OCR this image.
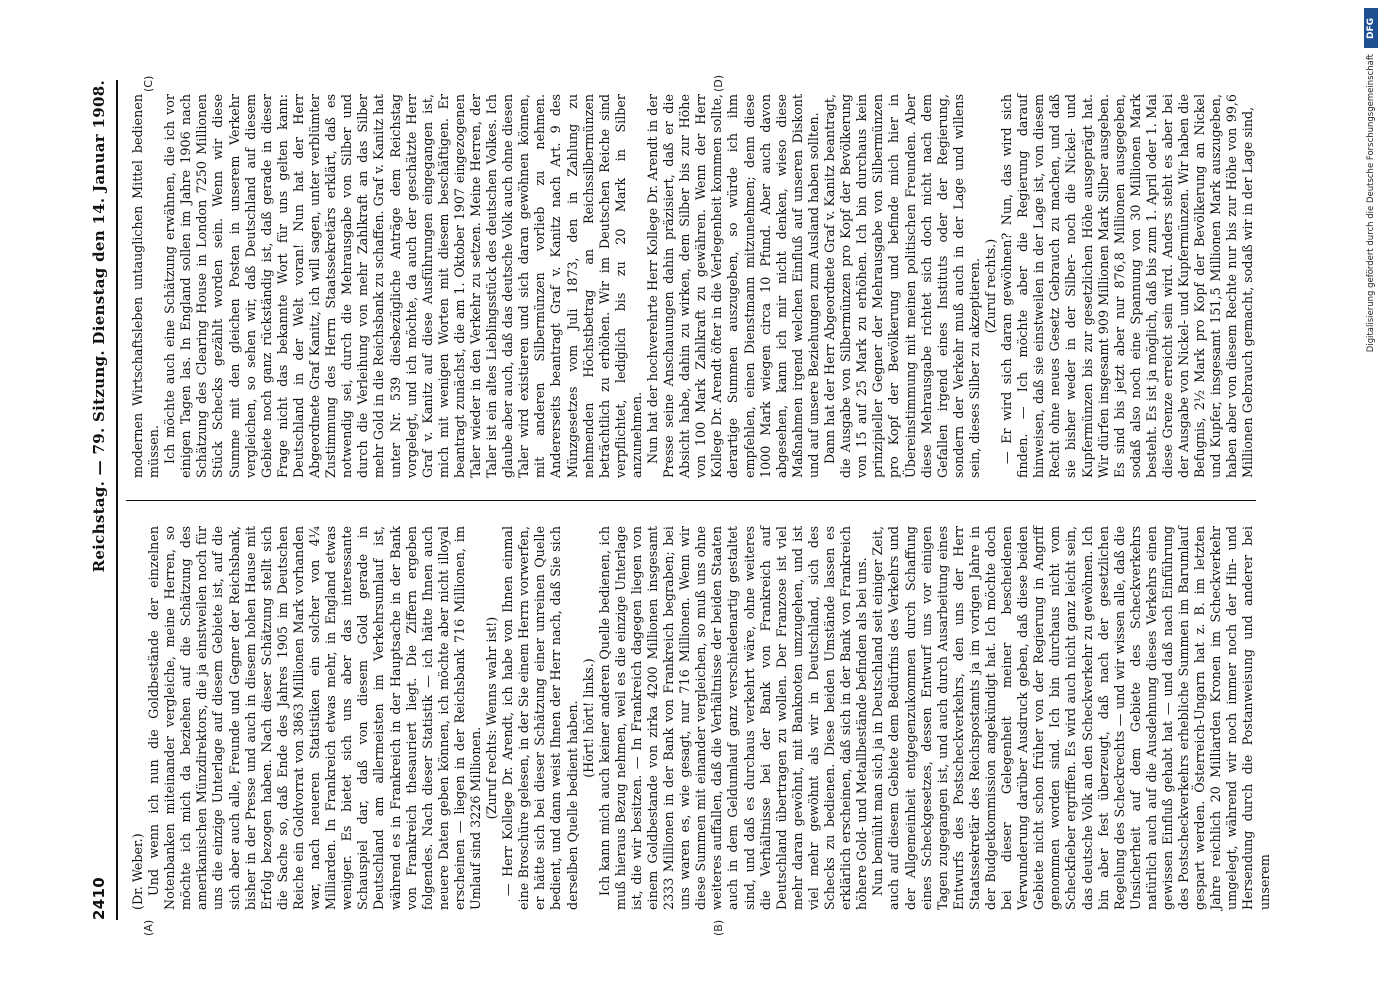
2410
Reichstag. — 79. Sitzung. Dienstag den 14. Januar 1908.
(A)	(B)
(C)	(D)

(Dr. Weber.) Und wenn ich nun die Goldbestände der einzelnen Notenbanken miteinander vergleiche, meine Herren, so möchte ich mich da beziehen auf die Schätzung des amerikanischen Münzdirektors, die ja einstweilen noch für uns die einzige Unterlage auf diesem Gebiete ist, auf die sich aber auch alle, Freunde und Gegner der Reichsbank, bisher in der Presse und auch in diesem hohen Hause mit Erfolg bezogen haben. Nach dieser Schätzung stellt sich die Sache so, daß Ende des Jahres 1905 im Deutschen Reiche ein Goldvorrat von 3863 Millionen Mark vorhanden war, nach neueren Statistiken ein solcher von 4¼ Milliarden. In Frankreich etwas mehr, in England etwas weniger. Es bietet sich uns aber das interessante Schauspiel dar, daß von diesem Gold gerade in Deutschland am allermeisten im Verkehrsumlauf ist, während es in Frankreich in der Hauptsache in der Bank von Frankreich thesauriert liegt. Die Ziffern ergeben folgendes. Nach dieser Statistik — ich hätte Ihnen auch neuere Daten geben können, ich möchte aber nicht illoyal erscheinen — liegen in der Reichsbank 716 Millionen, im Umlauf sind 3226 Millionen. (Zuruf rechts: Wenns wahr ist!) — Herr Kollege Dr. Arendt, ich habe von Ihnen einmal eine Broschüre gelesen, in der Sie einem Herrn vorwerfen, er hätte sich bei dieser Schätzung einer unreinen Quelle bedient, und dann weist Ihnen der Herr nach, daß Sie sich derselben Quelle bedient haben. (Hört! hört! links.) Ich kann mich auch keiner anderen Quelle bedienen, ich muß hieraus Bezug nehmen, weil es die einzige Unterlage ist, die wir besitzen. — In Frankreich dagegen liegen von einem Goldbestande von zirka 4200 Millionen insgesamt 2333 Millionen in der Bank von Frankreich begraben; bei uns waren es, wie gesagt, nur 716 Millionen. Wenn wir diese Summen mit einander vergleichen, so muß uns ohne weiteres auffallen, daß die Verhältnisse der beiden Staaten auch in dem Geldumlauf ganz verschiedenartig gestaltet sind, und daß es durchaus verkehrt wäre, ohne weiteres die Verhältnisse bei der Bank von Frankreich auf Deutschland übertragen zu wollen. Der Franzose ist viel mehr daran gewöhnt, mit Banknoten umzugehen, und ist viel mehr gewöhnt als wir in Deutschland, sich des Schecks zu bedienen. Diese beiden Umstände lassen es erklärlich erscheinen, daß sich in der Bank von Frankreich höhere Gold- und Metallbestände befinden als bei uns. Nun bemüht man sich ja in Deutschland seit einiger Zeit, auch auf diesem Gebiete dem Bedürfnis des Verkehrs und der Allgemeinheit entgegenzukommen durch Schaffung eines Scheckgesetzes, dessen Entwurf uns vor einigen Tagen zugegangen ist, und auch durch Ausarbeitung eines Entwurfs des Postscheckverkehrs, den uns der Herr Staatssekretär des Reichspostamts ja im vorigen Jahre in der Budgetkommission angekündigt hat. Ich möchte doch bei dieser Gelegenheit meiner bescheidenen Verwunderung darüber Ausdruck geben, daß diese beiden Gebiete nicht schon früher von der Regierung in Angriff genommen worden sind. Ich bin durchaus nicht vom Scheckfieber ergriffen. Es wird auch nicht ganz leicht sein, das deutsche Volk an den Scheckverkehr zu gewöhnen. Ich bin aber fest überzeugt, daß nach der gesetzlichen Regelung des Scheckrechts — und wir wissen alle, daß die Unsicherheit auf dem Gebiete des Scheckverkehrs natürlich auch auf die Ausdehnung dieses Verkehrs einen gewissen Einfluß gehabt hat — und daß nach Einführung des Postscheckverkehrs erhebliche Summen im Barumlauf gespart werden. Österreich-Ungarn hat z. B. im letzten Jahre reichlich 20 Milliarden Kronen im Scheckverkehr umgelegt, während wir noch immer noch der Hin- und Hersendung durch die Postanweisung und anderer bei unserem

modernen Wirtschaftsleben untauglichen Mittel bedienen müssen. Ich möchte auch eine Schätzung erwähnen, die ich vor einigen Tagen las. In England sollen im Jahre 1906 nach Schätzung des Clearing House in London 7250 Millionen Stück Schecks gezählt worden sein. Wenn wir diese Summe mit den gleichen Posten in unserem Verkehr vergleichen, so sehen wir, daß Deutschland auf diesem Gebiete noch ganz rückständig ist, daß gerade in dieser Frage nicht das bekannte Wort für uns gelten kann: Deutschland in der Welt voran! Nun hat der Herr Abgeordnete Graf Kanitz, ich will sagen, unter verblümter Zustimmung des Herrn Staatssekretärs erklärt, daß es notwendig sei, durch die Mehrausgabe von Silber und durch die Verleihung von mehr Zahlkraft an das Silber mehr Gold in die Reichsbank zu schaffen. Graf v. Kanitz hat unter Nr. 539 diesbezügliche Anträge dem Reichstag vorgelegt, und ich möchte, da auch der geschätzte Herr Graf v. Kanitz auf diese Ausführungen eingegangen ist, mich mit wenigen Worten mit diesem beschäftigen. Er beantragt zunächst, die am 1. Oktober 1907 eingezogenen Taler wieder in den Verkehr zu setzen. Meine Herren, der Taler ist ein altes Lieblingsstück des deutschen Volkes. Ich glaube aber auch, daß das deutsche Volk auch ohne diesen Taler wird existieren und sich daran gewöhnen können, mit anderen Silbermünzen vorlieb zu nehmen. Andererseits beantragt Graf v. Kanitz nach Art. 9 des Münzgesetzes vom Juli 1873, den in Zahlung zu nehmenden Höchstbetrag an Reichssilbermünzen beträchtlich zu erhöhen. Wir im Deutschen Reiche sind verpflichtet, lediglich bis zu 20 Mark in Silber anzunehmen. Nun hat der hochverehrte Herr Kollege Dr. Arendt in der Presse seine Anschauungen dahin präzisiert, daß er die Absicht habe, dahin zu wirken, dem Silber bis zur Höhe von 100 Mark Zahlkraft zu gewähren. Wenn der Herr Kollege Dr. Arendt öfter in die Verlegenheit kommen sollte, derartige Summen auszugeben, so würde ich ihm empfehlen, einen Dienstmann mitzunehmen; denn diese 1000 Mark wiegen circa 10 Pfund. Aber auch davon abgesehen, kann ich mir nicht denken, wieso diese Maßnahmen irgend welchen Einfluß auf unseren Diskont und auf unsere Beziehungen zum Ausland haben sollten. Dann hat der Herr Abgeordnete Graf v. Kanitz beantragt, die Ausgabe von Silbermünzen pro Kopf der Bevölkerung von 15 auf 25 Mark zu erhöhen. Ich bin durchaus kein prinzipieller Gegner der Mehrausgabe von Silbermünzen pro Kopf der Bevölkerung und befinde mich hier in Übereinstimmung mit meinen politischen Freunden. Aber diese Mehrausgabe richtet sich doch nicht nach dem Gefallen irgend eines Instituts oder der Regierung, sondern der Verkehr muß auch in der Lage und willens sein, dieses Silber zu akzeptieren. (Zuruf rechts.) — Er wird sich daran gewöhnen? Nun, das wird sich finden. — Ich möchte aber die Regierung darauf hinweisen, daß sie einstweilen in der Lage ist, von diesem Recht ohne neues Gesetz Gebrauch zu machen, und daß sie bisher weder in der Silber- noch die Nickel- und Kupfermünzen bis zur gesetzlichen Höhe ausgeprägt hat. Wir dürfen insgesamt 909 Millionen Mark Silber ausgeben. Es sind bis jetzt aber nur 876,8 Millionen ausgegeben, sodaß also noch eine Spannung von 30 Millionen Mark besteht. Es ist ja möglich, daß bis zum 1. April oder 1. Mai diese Grenze erreicht sein wird. Anders steht es aber bei der Ausgabe von Nickel- und Kupfermünzen. Wir haben die Befugnis, 2½ Mark pro Kopf der Bevölkerung an Nickel und Kupfer, insgesamt 151,5 Millionen Mark auszugeben, haben aber von diesem Rechte nur bis zur Höhe von 99,6 Millionen Gebrauch gemacht, sodaß wir in der Lage sind,

DFG
Digitalisierung gefördert durch die Deutsche Forschungsgemeinschaft
